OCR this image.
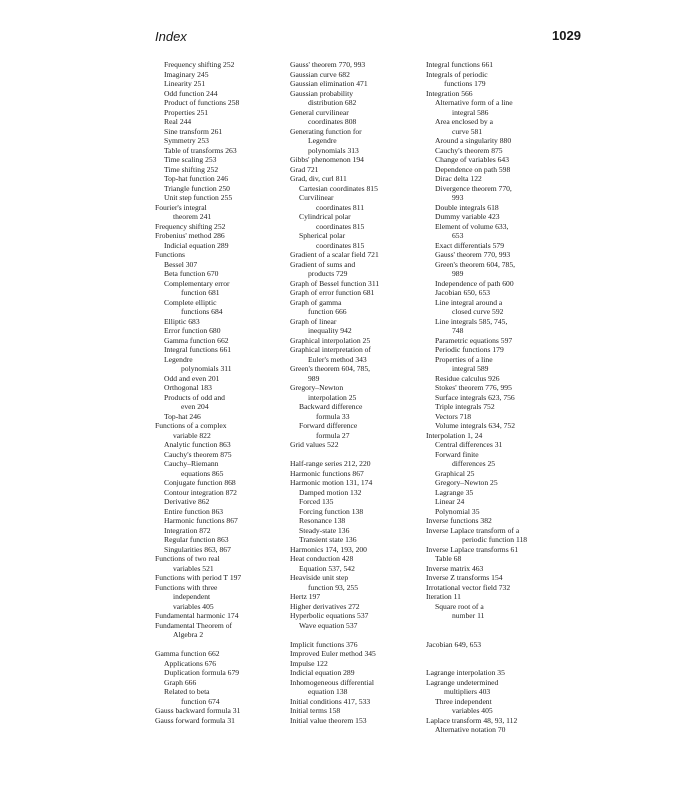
Index	1029
Frequency shifting 252
Imaginary 245
Linearity 251
Odd function 244
Product of functions 258
Properties 251
Real 244
Sine transform 261
Symmetry 253
Table of transforms 263
Time scaling 253
Time shifting 252
Top-hat function 246
Triangle function 250
Unit step function 255
Fourier's integral
theorem 241
Frequency shifting 252
Frobenius' method 286
Indicial equation 289
Functions
Bessel 307
Beta function 670
Complementary error
function 681
Complete elliptic
functions 684
Elliptic 683
Error function 680
Gamma function 662
Integral functions 661
Legendre
polynomials 311
Odd and even 201
Orthogonal 183
Products of odd and
even 204
Top-hat 246
Functions of a complex
variable 822
Analytic function 863
Cauchy's theorem 875
Cauchy–Riemann
equations 865
Conjugate function 868
Contour integration 872
Derivative 862
Entire function 863
Harmonic functions 867
Integration 872
Regular function 863
Singularities 863, 867
Functions of two real
variables 521
Functions with period T 197
Functions with three
independent
variables 405
Fundamental harmonic 174
Fundamental Theorem of
Algebra 2
Gamma function 662
Applications 676
Duplication formula 679
Graph 666
Related to beta
function 674
Gauss backward formula 31
Gauss forward formula 31
Gauss' theorem 770, 993
Gaussian curve 682
Gaussian elimination 471
Gaussian probability
distribution 682
General curvilinear
coordinates 808
Generating function for
Legendre
polynomials 313
Gibbs' phenomenon 194
Grad 721
Grad, div, curl 811
Cartesian coordinates 815
Curvilinear
coordinates 811
Cylindrical polar
coordinates 815
Spherical polar
coordinates 815
Gradient of a scalar field 721
Gradient of sums and
products 729
Graph of Bessel function 311
Graph of error function 681
Graph of gamma
function 666
Graph of linear
inequality 942
Graphical interpolation 25
Graphical interpretation of
Euler's method 343
Green's theorem 604, 785,
989
Gregory–Newton
interpolation 25
Backward difference
formula 33
Forward difference
formula 27
Grid values 522
Half-range series 212, 220
Harmonic functions 867
Harmonic motion 131, 174
Damped motion 132
Forced 135
Forcing function 138
Resonance 138
Steady-state 136
Transient state 136
Harmonics 174, 193, 200
Heat conduction 428
Equation 537, 542
Heaviside unit step
function 93, 255
Hertz 197
Higher derivatives 272
Hyperbolic equations 537
Wave equation 537
Implicit functions 376
Improved Euler method 345
Impulse 122
Indicial equation 289
Inhomogeneous differential
equation 138
Initial conditions 417, 533
Initial terms 158
Initial value theorem 153
Integral functions 661
Integrals of periodic
functions 179
Integration 566
Alternative form of a line
integral 586
Area enclosed by a
curve 581
Around a singularity 880
Cauchy's theorem 875
Change of variables 643
Dependence on path 598
Dirac delta 122
Divergence theorem 770,
993
Double integrals 618
Dummy variable 423
Element of volume 633,
653
Exact differentials 579
Gauss' theorem 770, 993
Green's theorem 604, 785,
989
Independence of path 600
Jacobian 650, 653
Line integral around a
closed curve 592
Line integrals 585, 745,
748
Parametric equations 597
Periodic functions 179
Properties of a line
integral 589
Residue calculus 926
Stokes' theorem 776, 995
Surface integrals 623, 756
Triple integrals 752
Vectors 718
Volume integrals 634, 752
Interpolation 1, 24
Central differences 31
Forward finite
differences 25
Graphical 25
Gregory–Newton 25
Lagrange 35
Linear 24
Polynomial 35
Inverse functions 382
Inverse Laplace transform of a
periodic function 118
Inverse Laplace transforms 61
Table 68
Inverse matrix 463
Inverse Z transforms 154
Irrotational vector field 732
Iteration 11
Square root of a
number 11
Jacobian 649, 653
Lagrange interpolation 35
Lagrange undetermined
multipliers 403
Three independent
variables 405
Laplace transform 48, 93, 112
Alternative notation 70
